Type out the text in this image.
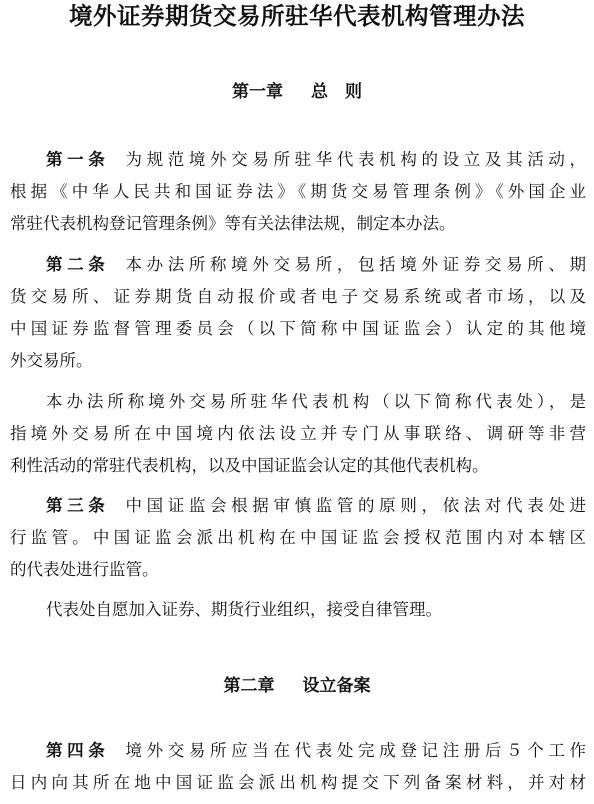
境外证券期货交易所驻华代表机构管理办法
第一章 总　则
第一条 为规范境外交易所驻华代表机构的设立及其活动，
根据《中华人民共和国证券法》《期货交易管理条例》《外国企业
常驻代表机构登记管理条例》等有关法律法规，制定本办法。
第二条 本办法所称境外交易所，包括境外证券交易所、期
货交易所、证券期货自动报价或者电子交易系统或者市场，以及
中国证券监督管理委员会（以下简称中国证监会）认定的其他境
外交易所。
本办法所称境外交易所驻华代表机构（以下简称代表处），是
指境外交易所在中国境内依法设立并专门从事联络、调研等非营
利性活动的常驻代表机构，以及中国证监会认定的其他代表机构。
第三条 中国证监会根据审慎监管的原则，依法对代表处进
行监管。中国证监会派出机构在中国证监会授权范围内对本辖区
的代表处进行监管。
代表处自愿加入证券、期货行业组织，接受自律管理。
第二章 设立备案
第四条 境外交易所应当在代表处完成登记注册后５个工作
日内向其所在地中国证监会派出机构提交下列备案材料，并对材
